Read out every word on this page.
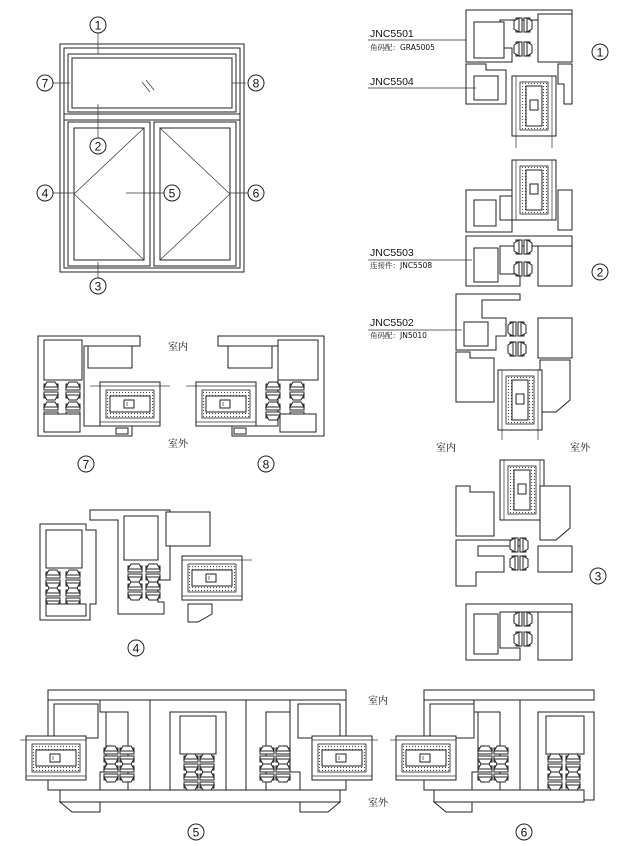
1
7	8
2
4	5	6
3
JNC5501
角码配：GRA5005
JNC5504
1
JNC5503
连接件：JNC5508
JNC5502
角码配：JN5010
2
室内	室外
3
室内
室外
7	8
4
室内
室外
5	6
